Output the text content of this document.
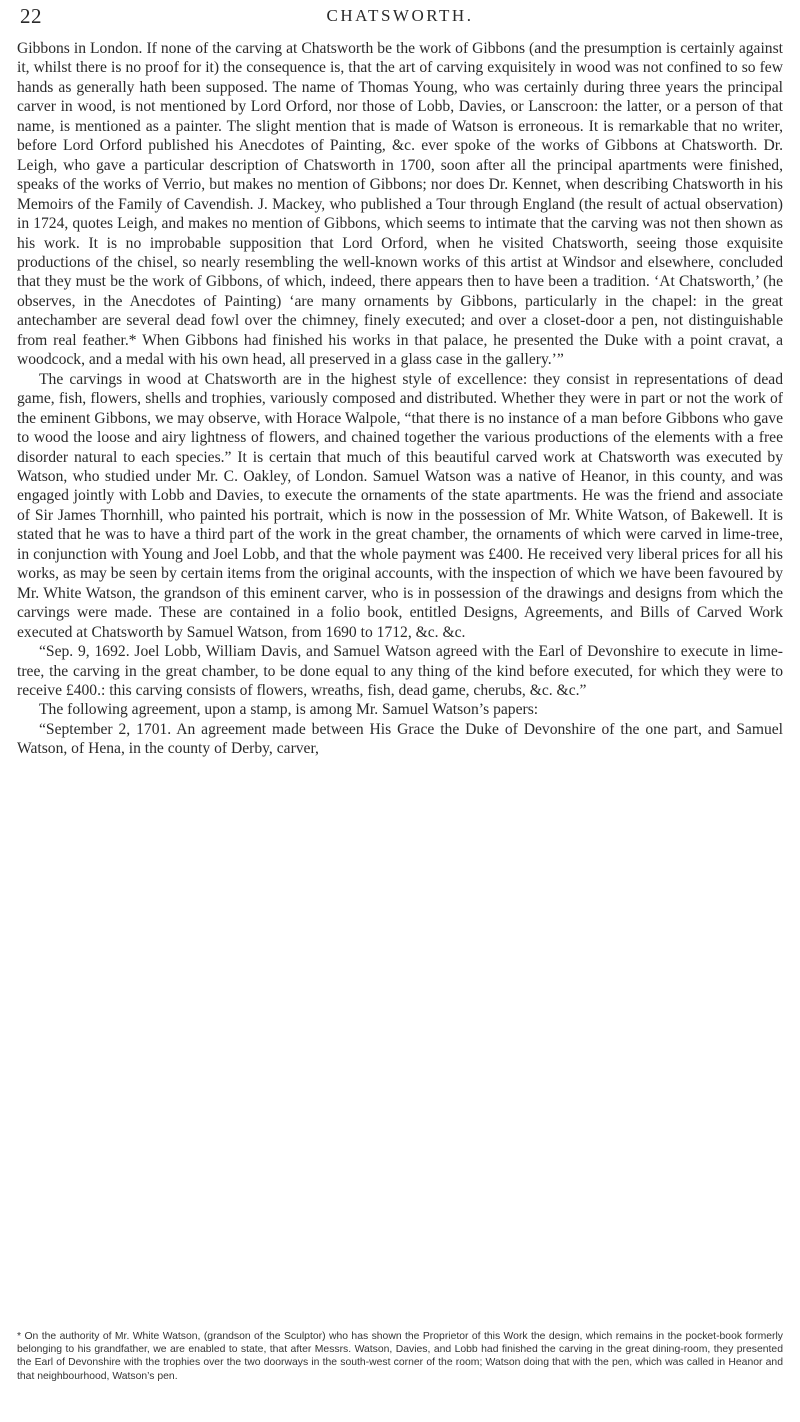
22	CHATSWORTH.

Gibbons in London. If none of the carving at Chatsworth be the work of Gibbons (and the presumption is certainly against it, whilst there is no proof for it) the consequence is, that the art of carving exquisitely in wood was not confined to so few hands as generally hath been supposed. The name of Thomas Young, who was certainly during three years the principal carver in wood, is not mentioned by Lord Orford, nor those of Lobb, Davies, or Lanscroon: the latter, or a person of that name, is mentioned as a painter. The slight mention that is made of Watson is erroneous. It is remarkable that no writer, before Lord Orford published his Anecdotes of Painting, &c. ever spoke of the works of Gibbons at Chatsworth. Dr. Leigh, who gave a particular description of Chatsworth in 1700, soon after all the principal apartments were finished, speaks of the works of Verrio, but makes no mention of Gibbons; nor does Dr. Kennet, when describing Chatsworth in his Memoirs of the Family of Cavendish. J. Mackey, who published a Tour through England (the result of actual observation) in 1724, quotes Leigh, and makes no mention of Gibbons, which seems to intimate that the carving was not then shown as his work. It is no improbable supposition that Lord Orford, when he visited Chatsworth, seeing those exquisite productions of the chisel, so nearly resembling the well-known works of this artist at Windsor and elsewhere, concluded that they must be the work of Gibbons, of which, indeed, there appears then to have been a tradition. ‘At Chatsworth,’ (he observes, in the Anecdotes of Painting) ‘are many ornaments by Gibbons, particularly in the chapel: in the great antechamber are several dead fowl over the chimney, finely executed; and over a closet-door a pen, not distinguishable from real feather.* When Gibbons had finished his works in that palace, he presented the Duke with a point cravat, a woodcock, and a medal with his own head, all preserved in a glass case in the gallery.’”

The carvings in wood at Chatsworth are in the highest style of excellence: they consist in representations of dead game, fish, flowers, shells and trophies, variously composed and distributed. Whether they were in part or not the work of the eminent Gibbons, we may observe, with Horace Walpole, “that there is no instance of a man before Gibbons who gave to wood the loose and airy lightness of flowers, and chained together the various productions of the elements with a free disorder natural to each species.” It is certain that much of this beautiful carved work at Chatsworth was executed by Watson, who studied under Mr. C. Oakley, of London. Samuel Watson was a native of Heanor, in this county, and was engaged jointly with Lobb and Davies, to execute the ornaments of the state apartments. He was the friend and associate of Sir James Thornhill, who painted his portrait, which is now in the possession of Mr. White Watson, of Bakewell. It is stated that he was to have a third part of the work in the great chamber, the ornaments of which were carved in lime-tree, in conjunction with Young and Joel Lobb, and that the whole payment was £400. He received very liberal prices for all his works, as may be seen by certain items from the original accounts, with the inspection of which we have been favoured by Mr. White Watson, the grandson of this eminent carver, who is in possession of the drawings and designs from which the carvings were made. These are contained in a folio book, entitled Designs, Agreements, and Bills of Carved Work executed at Chatsworth by Samuel Watson, from 1690 to 1712, &c. &c.

“Sep. 9, 1692. Joel Lobb, William Davis, and Samuel Watson agreed with the Earl of Devonshire to execute in lime-tree, the carving in the great chamber, to be done equal to any thing of the kind before executed, for which they were to receive £400.: this carving consists of flowers, wreaths, fish, dead game, cherubs, &c. &c.”

The following agreement, upon a stamp, is among Mr. Samuel Watson’s papers:

“September 2, 1701. An agreement made between His Grace the Duke of Devonshire of the one part, and Samuel Watson, of Hena, in the county of Derby, carver,

* On the authority of Mr. White Watson, (grandson of the Sculptor) who has shown the Proprietor of this Work the design, which remains in the pocket-book formerly belonging to his grandfather, we are enabled to state, that after Messrs. Watson, Davies, and Lobb had finished the carving in the great dining-room, they presented the Earl of Devonshire with the trophies over the two doorways in the south-west corner of the room; Watson doing that with the pen, which was called in Heanor and that neighbourhood, Watson’s pen.
